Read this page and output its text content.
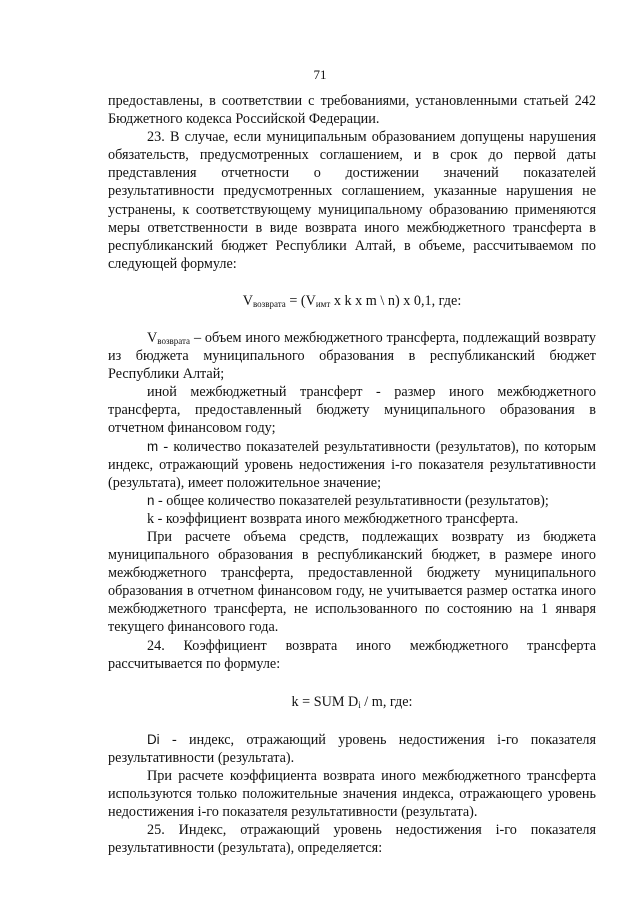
71

предоставлены, в соответствии с требованиями, установленными статьей 242 Бюджетного кодекса Российской Федерации.

23. В случае, если муниципальным образованием допущены нарушения обязательств, предусмотренных соглашением, и в срок до первой даты представления отчетности о достижении значений показателей результативности предусмотренных соглашением, указанные нарушения не устранены, к соответствующему муниципальному образованию применяются меры ответственности в виде возврата иного межбюджетного трансферта в республиканский бюджет Республики Алтай, в объеме, рассчитываемом по следующей формуле:

$V_{возврата} = (V_{имт}$ x k x m \ n) x 0,1, где:

$V_{возврата}$ – объем иного межбюджетного трансферта, подлежащий возврату из бюджета муниципального образования в республиканский бюджет Республики Алтай;

иной межбюджетный трансферт - размер иного межбюджетного трансферта, предоставленный бюджету муниципального образования в отчетном финансовом году;

m - количество показателей результативности (результатов), по которым индекс, отражающий уровень недостижения i-го показателя результативности (результата), имеет положительное значение;

n - общее количество показателей результативности (результатов);

k - коэффициент возврата иного межбюджетного трансферта.

При расчете объема средств, подлежащих возврату из бюджета муниципального образования в республиканский бюджет, в размере иного межбюджетного трансферта, предоставленной бюджету муниципального образования в отчетном финансовом году, не учитывается размер остатка иного межбюджетного трансферта, не использованного по состоянию на 1 января текущего финансового года.

24. Коэффициент возврата иного межбюджетного трансферта рассчитывается по формуле:

k = SUM $D_i$ / m, где:

Di - индекс, отражающий уровень недостижения i-го показателя результативности (результата).

При расчете коэффициента возврата иного межбюджетного трансферта используются только положительные значения индекса, отражающего уровень недостижения i-го показателя результативности (результата).

25. Индекс, отражающий уровень недостижения i-го показателя результативности (результата), определяется:
